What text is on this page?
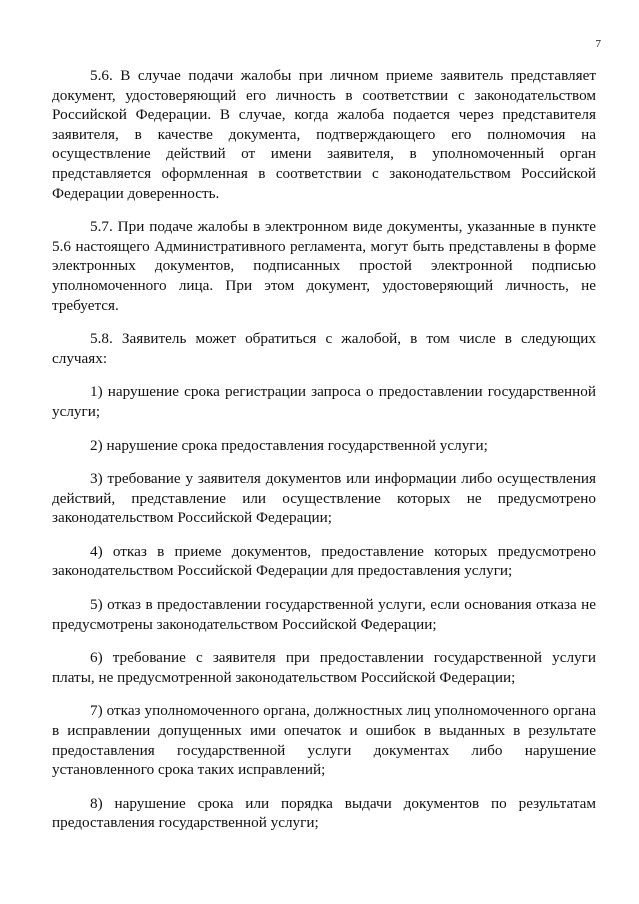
7

5.6. В случае подачи жалобы при личном приеме заявитель представляет документ, удостоверяющий его личность в соответствии с законодательством Российской Федерации. В случае, когда жалоба подается через представителя заявителя, в качестве документа, подтверждающего его полномочия на осуществление действий от имени заявителя, в уполномоченный орган представляется оформленная в соответствии с законодательством Российской Федерации доверенность.

5.7. При подаче жалобы в электронном виде документы, указанные в пункте 5.6 настоящего Административного регламента, могут быть представлены в форме электронных документов, подписанных простой электронной подписью уполномоченного лица. При этом документ, удостоверяющий личность, не требуется.

5.8. Заявитель может обратиться с жалобой, в том числе в следующих случаях:

1) нарушение срока регистрации запроса о предоставлении государственной услуги;

2) нарушение срока предоставления государственной услуги;

3) требование у заявителя документов или информации либо осуществления действий, представление или осуществление которых не предусмотрено законодательством Российской Федерации;

4) отказ в приеме документов, предоставление которых предусмотрено законодательством Российской Федерации для предоставления услуги;

5) отказ в предоставлении государственной услуги, если основания отказа не предусмотрены законодательством Российской Федерации;

6) требование с заявителя при предоставлении государственной услуги платы, не предусмотренной законодательством Российской Федерации;

7) отказ уполномоченного органа, должностных лиц уполномоченного органа в исправлении допущенных ими опечаток и ошибок в выданных в результате предоставления государственной услуги документах либо нарушение установленного срока таких исправлений;

8) нарушение срока или порядка выдачи документов по результатам предоставления государственной услуги;
